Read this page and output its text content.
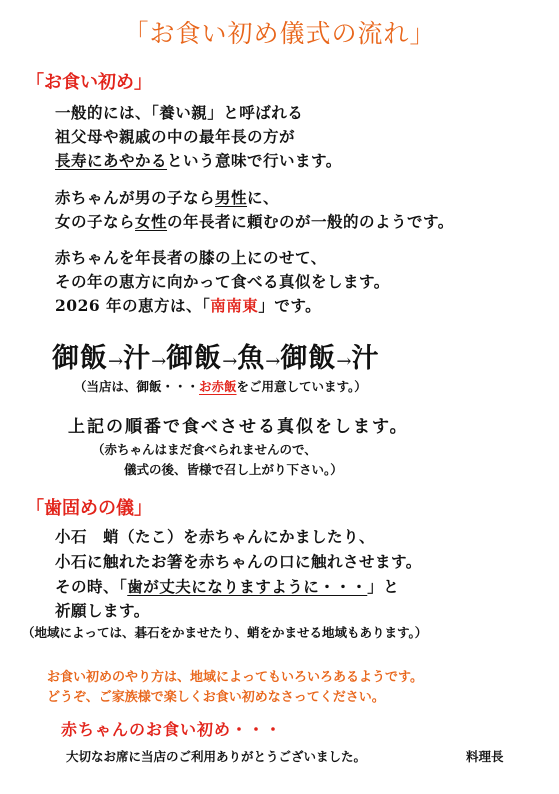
「お食い初め儀式の流れ」
「お食い初め」
一般的には、「養い親」と呼ばれる
祖父母や親戚の中の最年長の方が
長寿にあやかるという意味で行います。
赤ちゃんが男の子なら男性に、
女の子なら女性の年長者に頼むのが一般的のようです。
赤ちゃんを年長者の膝の上にのせて、
その年の恵方に向かって食べる真似をします。
2026 年の恵方は、「南南東」です。
御飯→汁→御飯→魚→御飯→汁
（当店は、御飯・・・お赤飯をご用意しています。）
上記の順番で食べさせる真似をします。
（赤ちゃんはまだ食べられませんので、
儀式の後、皆様で召し上がり下さい。）
「歯固めの儀」
小石　蛸（たこ）を赤ちゃんにかましたり、
小石に触れたお箸を赤ちゃんの口に触れさせます。
その時、「歯が丈夫になりますように・・・」と
祈願します。
（地域によっては、碁石をかませたり、蛸をかませる地域もあります。）
お食い初めのやり方は、地域によってもいろいろあるようです。
どうぞ、ご家族様で楽しくお食い初めなさってください。
赤ちゃんのお食い初め・・・
大切なお席に当店のご利用ありがとうございました。	料理長
